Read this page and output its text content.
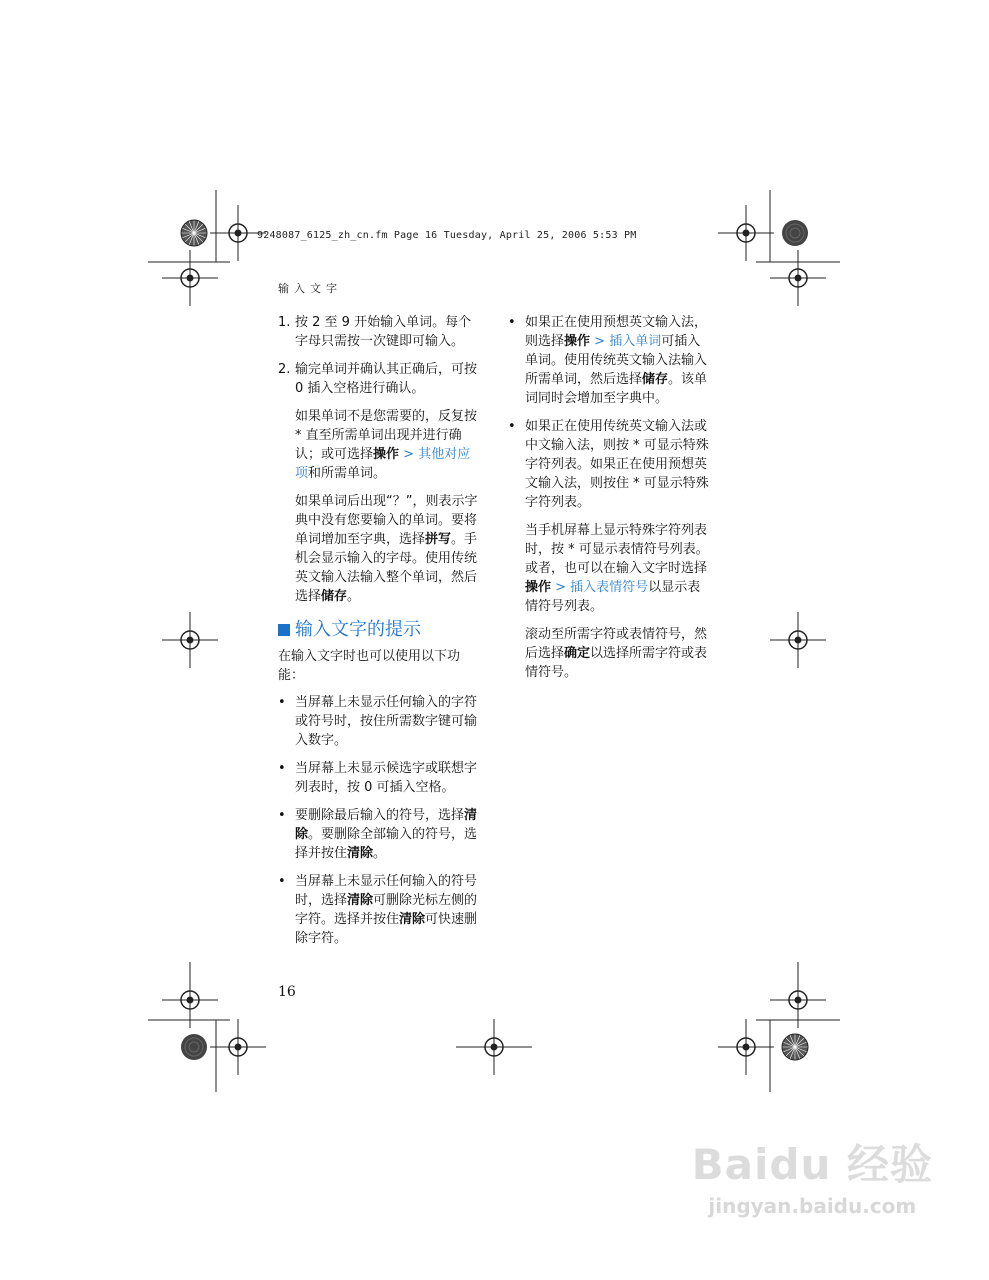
9248087_6125_zh_cn.fm Page 16 Tuesday, April 25, 2006 5:53 PM
输入文字
1. 按 2 至 9 开始输入单词。每个字母只需按一次键即可输入。
2. 输完单词并确认其正确后，可按 0 插入空格进行确认。
如果单词不是您需要的，反复按 * 直至所需单词出现并进行确认；或可选择操作 > 其他对应项和所需单词。
如果单词后出现“？”，则表示字典中没有您要输入的单词。要将单词增加至字典，选择拼写。手机会显示输入的字母。使用传统英文输入法输入整个单词，然后选择储存。
输入文字的提示

在输入文字时也可以使用以下功能：

• 当屏幕上未显示任何输入的字符或符号时，按住所需数字键可输入数字。
• 当屏幕上未显示候选字或联想字列表时，按 0 可插入空格。
• 要删除最后输入的符号，选择清除。要删除全部输入的符号，选择并按住清除。
• 当屏幕上未显示任何输入的符号时，选择清除可删除光标左侧的字符。选择并按住清除可快速删除字符。
• 如果正在使用预想英文输入法，则选择操作 > 插入单词可插入单词。使用传统英文输入法输入所需单词，然后选择储存。该单词同时会增加至字典中。
• 如果正在使用传统英文输入法或中文输入法，则按 * 可显示特殊字符列表。如果正在使用预想英文输入法，则按住 * 可显示特殊字符列表。
当手机屏幕上显示特殊字符列表时，按 * 可显示表情符号列表。或者，也可以在输入文字时选择操作 > 插入表情符号以显示表情符号列表。
滚动至所需字符或表情符号，然后选择确定以选择所需字符或表情符号。
16
Baidu 经验
jingyan.baidu.com
